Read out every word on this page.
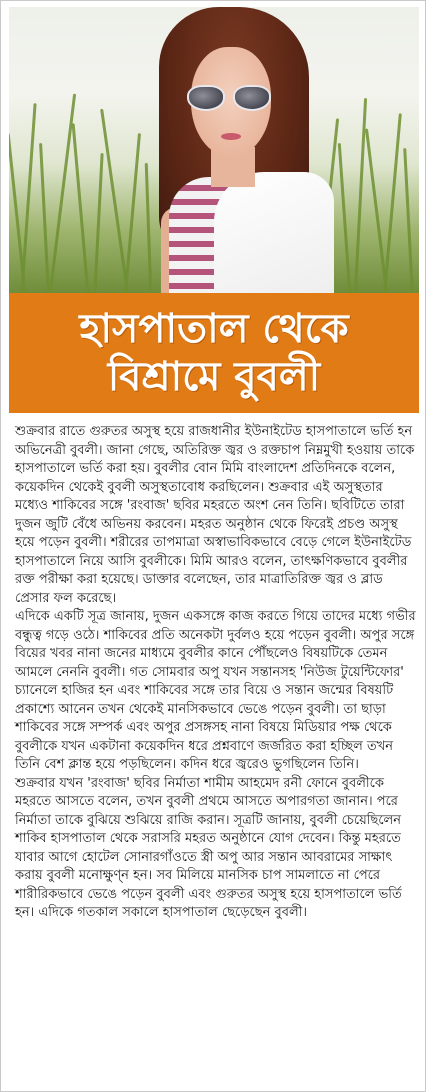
হাসপাতাল থেকে
বিশ্রামে বুবলী

শুক্রবার রাতে গুরুতর অসুস্থ হয়ে রাজধানীর ইউনাইটেড হাসপাতালে ভর্তি হন অভিনেত্রী বুবলী। জানা গেছে, অতিরিক্ত জ্বর ও রক্তচাপ নিম্নমুখী হওয়ায় তাকে হাসপাতালে ভর্তি করা হয়। বুবলীর বোন মিমি বাংলাদেশ প্রতিদিনকে বলেন, কয়েকদিন থেকেই বুবলী অসুস্থতাবোধ করছিলেন। শুক্রবার এই অসুস্থতার মধ্যেও শাকিবের সঙ্গে 'রংবাজ' ছবির মহরতে অংশ নেন তিনি। ছবিটিতে তারা দুজন জুটি বেঁধে অভিনয় করবেন। মহরত অনুষ্ঠান থেকে ফিরেই প্রচণ্ড অসুস্থ হয়ে পড়েন বুবলী। শরীরের তাপমাত্রা অস্বাভাবিকভাবে বেড়ে গেলে ইউনাইটেড হাসপাতালে নিয়ে আসি বুবলীকে। মিমি আরও বলেন, তাৎক্ষণিকভাবে বুবলীর রক্ত পরীক্ষা করা হয়েছে। ডাক্তার বলেছেন, তার মাত্রাতিরিক্ত জ্বর ও ব্লাড প্রেসার ফল করেছে।

এদিকে একটি সূত্র জানায়, দুজন একসঙ্গে কাজ করতে গিয়ে তাদের মধ্যে গভীর বন্ধুত্ব গড়ে ওঠে। শাকিবের প্রতি অনেকটা দুর্বলও হয়ে পড়েন বুবলী। অপুর সঙ্গে বিয়ের খবর নানা জনের মাধ্যমে বুবলীর কানে পৌঁছলেও বিষয়টিকে তেমন আমলে নেননি বুবলী। গত সোমবার অপু যখন সন্তানসহ 'নিউজ টুয়েন্টিফোর' চ্যানেলে হাজির হন এবং শাকিবের সঙ্গে তার বিয়ে ও সন্তান জন্মের বিষয়টি প্রকাশ্যে আনেন তখন থেকেই মানসিকভাবে ভেঙে পড়েন বুবলী। তা ছাড়া শাকিবের সঙ্গে সম্পর্ক এবং অপুর প্রসঙ্গসহ নানা বিষয়ে মিডিয়ার পক্ষ থেকে বুবলীকে যখন একটানা কয়েকদিন ধরে প্রশ্নবাণে জর্জরিত করা হচ্ছিল তখন তিনি বেশ ক্লান্ত হয়ে পড়ছিলেন। কদিন ধরে জ্বরেও ভুগছিলেন তিনি।

শুক্রবার যখন 'রংবাজ' ছবির নির্মাতা শামীম আহমেদ রনী ফোনে বুবলীকে মহরতে আসতে বলেন, তখন বুবলী প্রথমে আসতে অপারগতা জানান। পরে নির্মাতা তাকে বুঝিয়ে শুঝিয়ে রাজি করান। সূত্রটি জানায়, বুবলী চেয়েছিলেন শাকিব হাসপাতাল থেকে সরাসরি মহরত অনুষ্ঠানে যোগ দেবেন। কিন্তু মহরতে যাবার আগে হোটেল সোনারগাঁওতে স্ত্রী অপু আর সন্তান আবরামের সাক্ষাৎ করায় বুবলী মনোক্ষুণ্ন হন। সব মিলিয়ে মানসিক চাপ সামলাতে না পেরে শারীরিকভাবে ভেঙে পড়েন বুবলী এবং গুরুতর অসুস্থ হয়ে হাসপাতালে ভর্তি হন। এদিকে গতকাল সকালে হাসপাতাল ছেড়েছেন বুবলী।
